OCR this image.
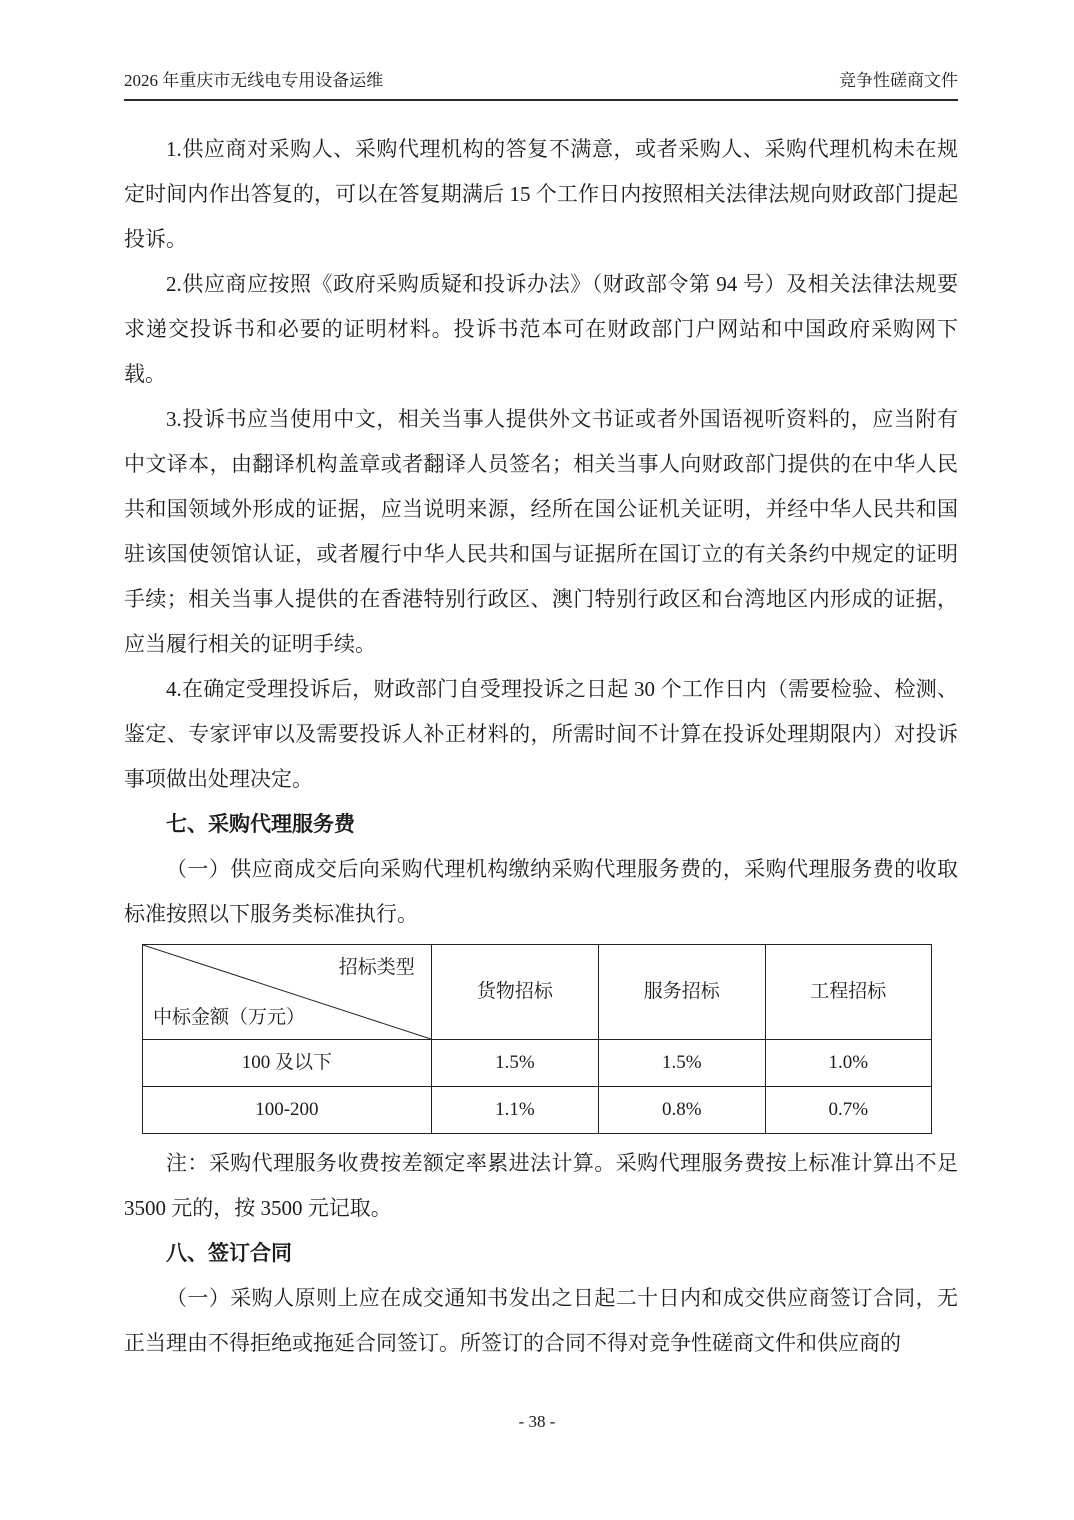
2026 年重庆市无线电专用设备运维	竞争性磋商文件

1.供应商对采购人、采购代理机构的答复不满意，或者采购人、采购代理机构未在规定时间内作出答复的，可以在答复期满后 15 个工作日内按照相关法律法规向财政部门提起投诉。

2.供应商应按照《政府采购质疑和投诉办法》（财政部令第 94 号）及相关法律法规要求递交投诉书和必要的证明材料。投诉书范本可在财政部门户网站和中国政府采购网下载。

3.投诉书应当使用中文，相关当事人提供外文书证或者外国语视听资料的，应当附有中文译本，由翻译机构盖章或者翻译人员签名；相关当事人向财政部门提供的在中华人民共和国领域外形成的证据，应当说明来源，经所在国公证机关证明，并经中华人民共和国驻该国使领馆认证，或者履行中华人民共和国与证据所在国订立的有关条约中规定的证明手续；相关当事人提供的在香港特别行政区、澳门特别行政区和台湾地区内形成的证据，应当履行相关的证明手续。

4.在确定受理投诉后，财政部门自受理投诉之日起 30 个工作日内（需要检验、检测、鉴定、专家评审以及需要投诉人补正材料的，所需时间不计算在投诉处理期限内）对投诉事项做出处理决定。

七、采购代理服务费

（一）供应商成交后向采购代理机构缴纳采购代理服务费的，采购代理服务费的收取标准按照以下服务类标准执行。

招标类型
中标金额（万元）	货物招标	服务招标	工程招标
100 及以下	1.5%	1.5%	1.0%
100-200	1.1%	0.8%	0.7%

注：采购代理服务收费按差额定率累进法计算。采购代理服务费按上标准计算出不足 3500 元的，按 3500 元记取。

八、签订合同

（一）采购人原则上应在成交通知书发出之日起二十日内和成交供应商签订合同，无正当理由不得拒绝或拖延合同签订。所签订的合同不得对竞争性磋商文件和供应商的

- 38 -
